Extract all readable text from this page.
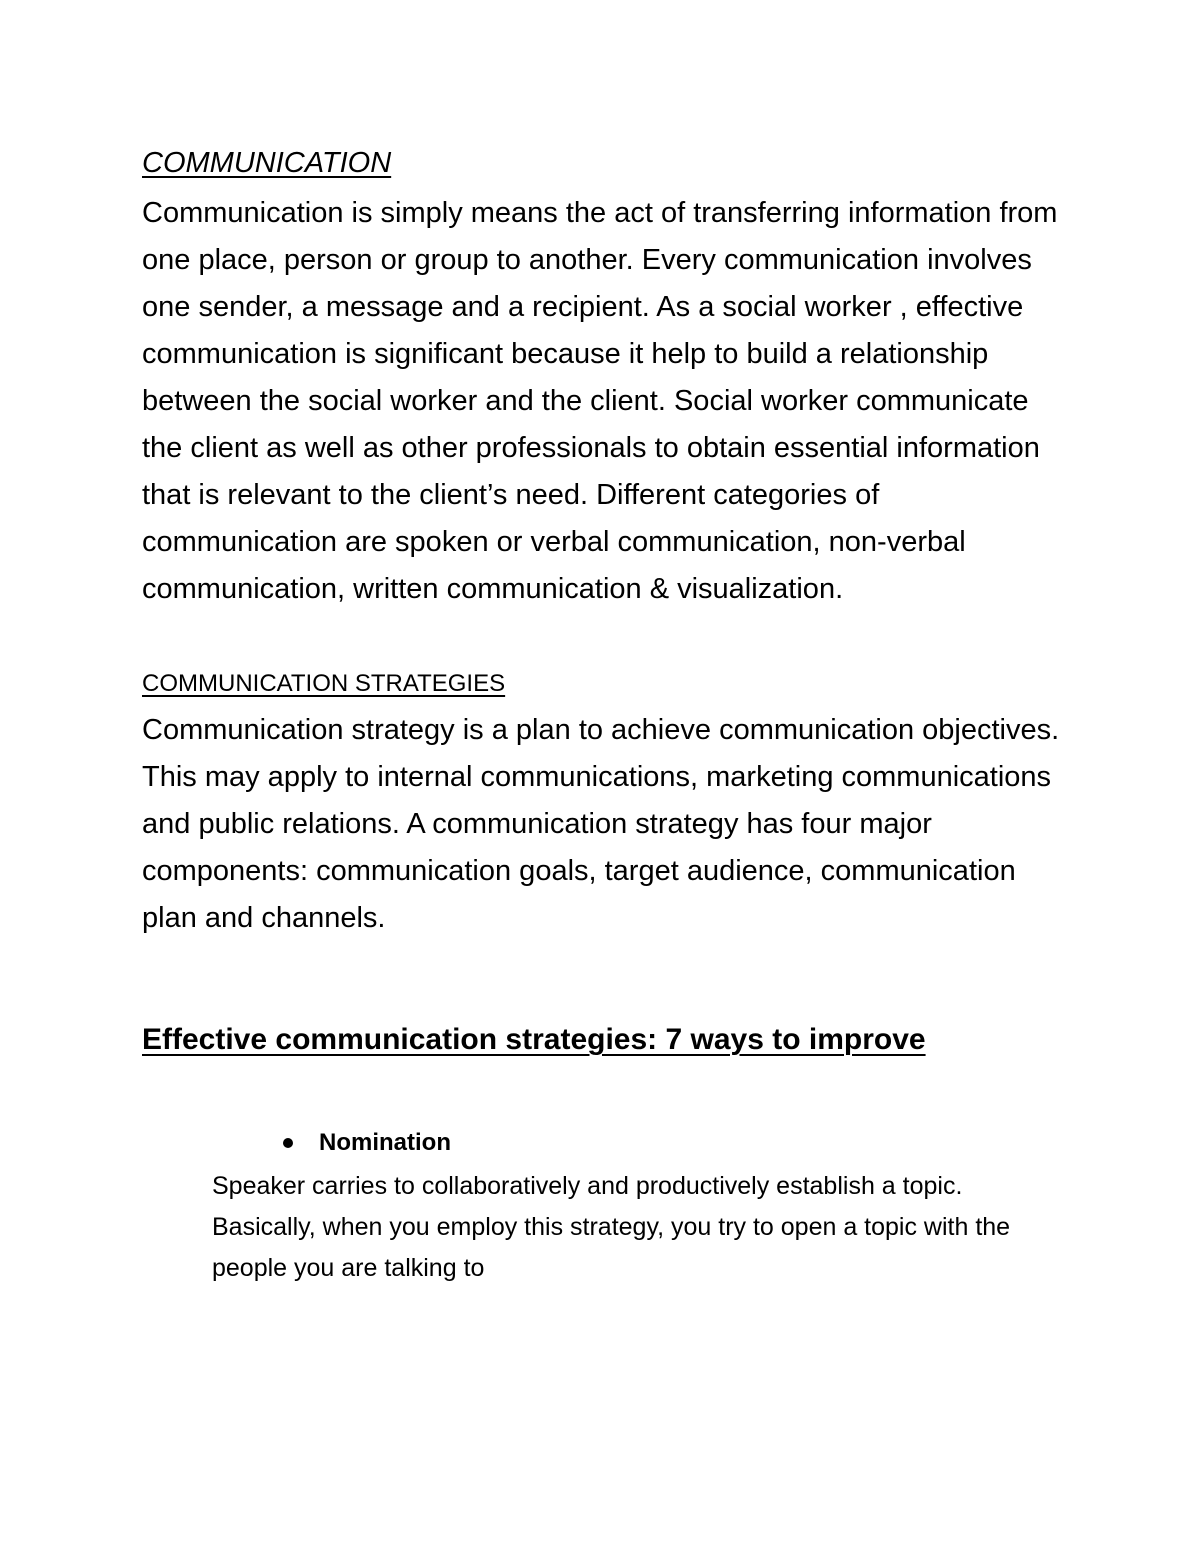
COMMUNICATION

Communication is simply means the act of transferring information from one place, person or group to another. Every communication involves one sender, a message and a recipient. As a social worker , effective communication is significant because it help to build a relationship between the social worker and the client. Social worker communicate the client as well as other professionals to obtain essential information that is relevant to the client’s need. Different categories of communication are spoken or verbal communication, non-verbal communication, written communication & visualization.

COMMUNICATION STRATEGIES

Communication strategy is a plan to achieve communication objectives. This may apply to internal communications, marketing communications and public relations. A communication strategy has four major components: communication goals, target audience, communication plan and channels.

Effective communication strategies: 7 ways to improve
Nomination

Speaker carries to collaboratively and productively establish a topic. Basically, when you employ this strategy, you try to open a topic with the people you are talking to
